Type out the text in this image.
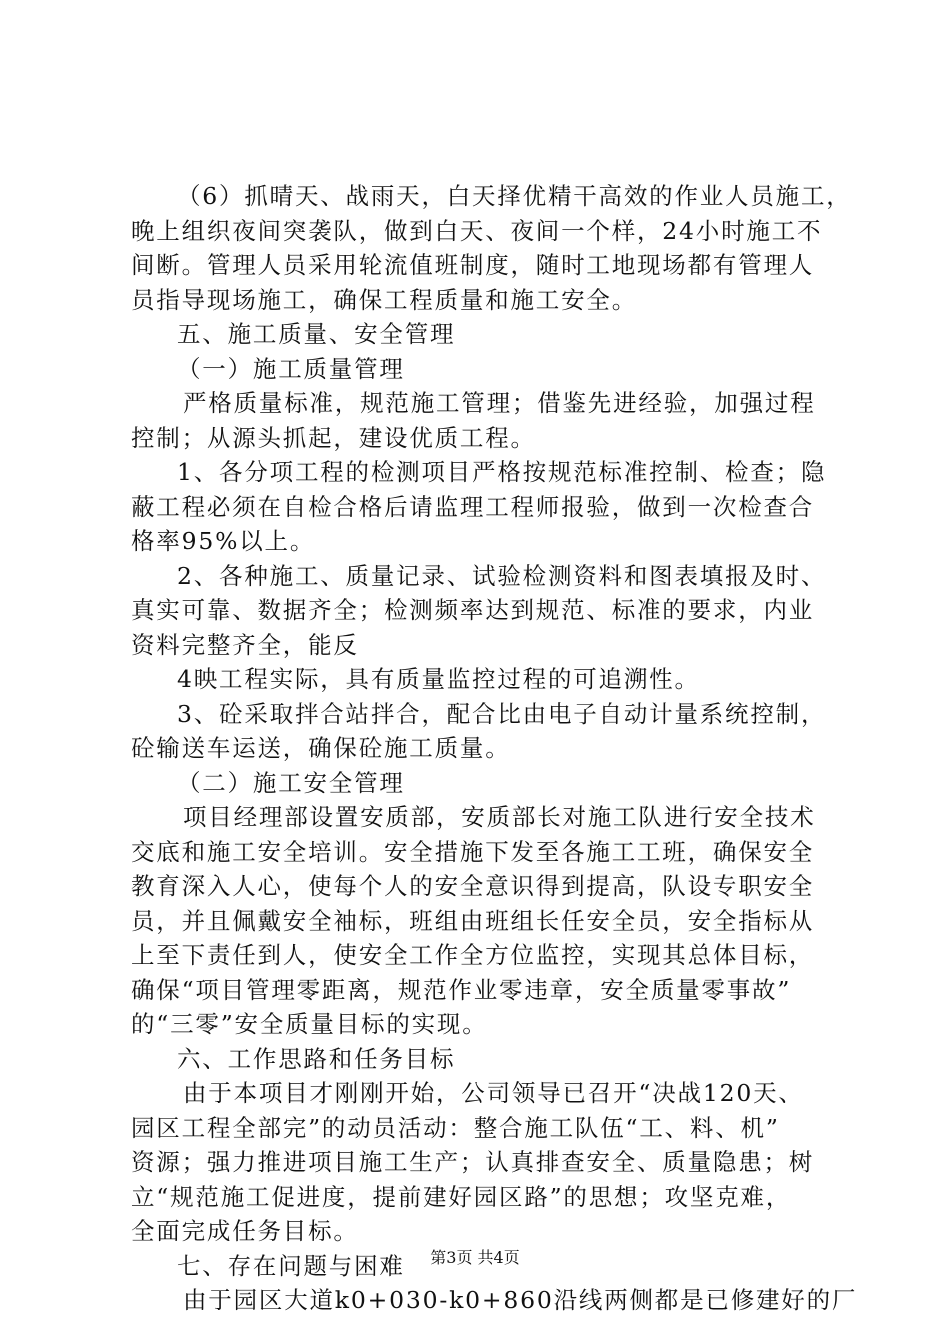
（6）抓晴天、战雨天，白天择优精干高效的作业人员施工，
晚上组织夜间突袭队，做到白天、夜间一个样，24小时施工不
间断。管理人员采用轮流值班制度，随时工地现场都有管理人
员指导现场施工，确保工程质量和施工安全。
五、施工质量、安全管理
（一）施工质量管理
严格质量标准，规范施工管理；借鉴先进经验，加强过程
控制；从源头抓起，建设优质工程。
1、各分项工程的检测项目严格按规范标准控制、检查；隐
蔽工程必须在自检合格后请监理工程师报验，做到一次检查合
格率95%以上。
2、各种施工、质量记录、试验检测资料和图表填报及时、
真实可靠、数据齐全；检测频率达到规范、标准的要求，内业
资料完整齐全，能反
4映工程实际，具有质量监控过程的可追溯性。
3、砼采取拌合站拌合，配合比由电子自动计量系统控制，
砼输送车运送，确保砼施工质量。
（二）施工安全管理
项目经理部设置安质部，安质部长对施工队进行安全技术
交底和施工安全培训。安全措施下发至各施工工班，确保安全
教育深入人心，使每个人的安全意识得到提高，队设专职安全
员，并且佩戴安全袖标，班组由班组长任安全员，安全指标从
上至下责任到人，使安全工作全方位监控，实现其总体目标，
确保“项目管理零距离，规范作业零违章，安全质量零事故”
的“三零”安全质量目标的实现。
六、工作思路和任务目标
由于本项目才刚刚开始，公司领导已召开“决战120天、
园区工程全部完”的动员活动：整合施工队伍“工、料、机”
资源；强力推进项目施工生产；认真排查安全、质量隐患；树
立“规范施工促进度，提前建好园区路”的思想；攻坚克难，
全面完成任务目标。
七、存在问题与困难
由于园区大道k0+030-k0+860沿线两侧都是已修建好的厂
第3页 共4页
